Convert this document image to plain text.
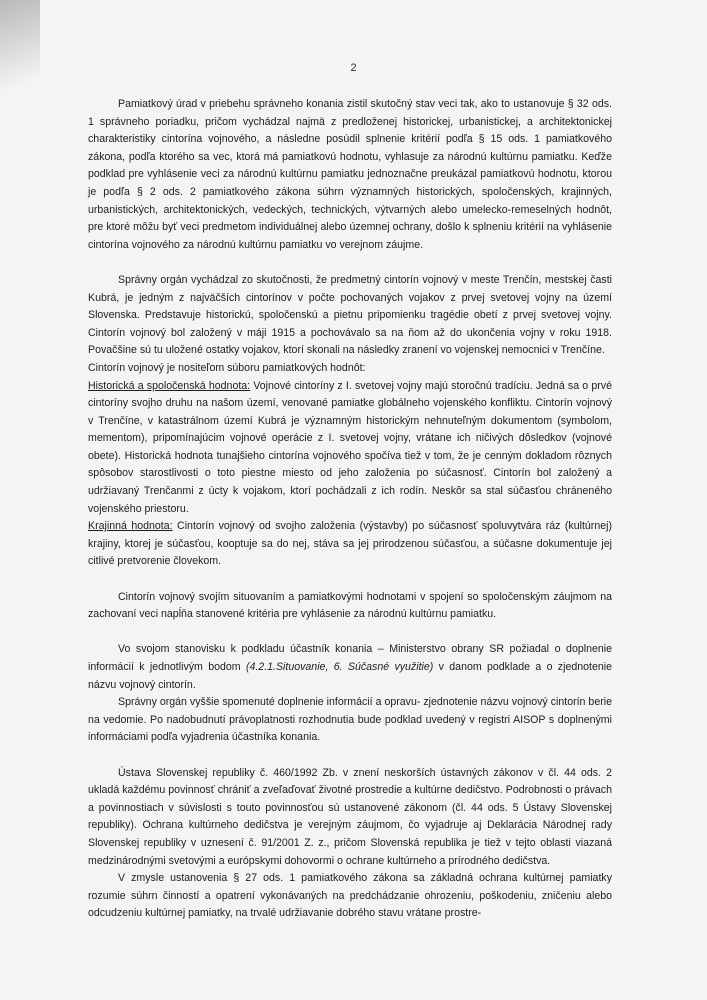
2

Pamiatkový úrad v priebehu správneho konania zistil skutočný stav veci tak, ako to ustanovuje § 32 ods. 1 správneho poriadku, pričom vychádzal najmä z predloženej historickej, urbanistickej, a architektonickej charakteristiky cintorína vojnového, a následne posúdil splnenie kritérií podľa § 15 ods. 1 pamiatkového zákona, podľa ktorého sa vec, ktorá má pamiatkovú hodnotu, vyhlasuje za národnú kultúrnu pamiatku. Keďže podklad pre vyhlásenie veci za národnú kultúrnu pamiatku jednoznačne preukázal pamiatkovú hodnotu, ktorou je podľa § 2 ods. 2 pamiatkového zákona súhrn významných historických, spoločenských, krajinných, urbanistických, architektonických, vedeckých, technických, výtvarných alebo umelecko-remeselných hodnôt, pre ktoré môžu byť veci predmetom individuálnej alebo územnej ochrany, došlo k splneniu kritérií na vyhlásenie cintorína vojnového za národnú kultúrnu pamiatku vo verejnom záujme.

Správny orgán vychádzal zo skutočnosti, že predmetný cintorín vojnový v meste Trenčín, mestskej časti Kubrá, je jedným z najväčších cintorínov v počte pochovaných vojakov z prvej svetovej vojny na území Slovenska. Predstavuje historickú, spoločenskú a pietnu pripomienku tragédie obetí z prvej svetovej vojny. Cintorín vojnový bol založený v máji 1915 a pochovávalo sa na ňom až do ukončenia vojny v roku 1918. Povačšine sú tu uložené ostatky vojakov, ktorí skonali na následky zranení vo vojenskej nemocnici v Trenčíne.

Cintorín vojnový je nositeľom súboru pamiatkových hodnôt:

Historická a spoločenská hodnota: Vojnové cintoríny z I. svetovej vojny majú storočnú tradíciu. Jedná sa o prvé cintoríny svojho druhu na našom území, venované pamiatke globálneho vojenského konfliktu. Cintorín vojnový v Trenčíne, v katastrálnom území Kubrá je významným historickým nehnuteľným dokumentom (symbolom, mementom), pripomínajúcim vojnové operácie z I. svetovej vojny, vrátane ich ničivých dôsledkov (vojnové obete). Historická hodnota tunajšieho cintorína vojnového spočíva tiež v tom, že je cenným dokladom rôznych spôsobov starostlivosti o toto piestne miesto od jeho založenia po súčasnosť. Cintorín bol založený a udržiavaný Trenčanmi z úcty k vojakom, ktorí pochádzali z ich rodín. Neskôr sa stal súčasťou chráneného vojenského priestoru.

Krajinná hodnota: Cintorín vojnový od svojho založenia (výstavby) po súčasnosť spoluvytvára ráz (kultúrnej) krajiny, ktorej je súčasťou, kooptuje sa do nej, stáva sa jej prirodzenou súčasťou, a súčasne dokumentuje jej citlivé pretvorenie človekom.

Cintorín vojnový svojím situovaním a pamiatkovými hodnotami v spojení so spoločenským záujmom na zachovaní veci napĺňa stanovené kritéria pre vyhlásenie za národnú kultúrnu pamiatku.

Vo svojom stanovisku k podkladu účastník konania – Ministerstvo obrany SR požiadal o doplnenie informácií k jednotlivým bodom (4.2.1.Situovanie, 6. Súčasné využitie) v danom podklade a o zjednotenie názvu vojnový cintorín.

Správny orgán vyššie spomenuté doplnenie informácií a opravu- zjednotenie názvu vojnový cintorín berie na vedomie. Po nadobudnutí právoplatnosti rozhodnutia bude podklad uvedený v registri AISOP s doplnenými informáciami podľa vyjadrenia účastníka konania.

Ústava Slovenskej republiky č. 460/1992 Zb. v znení neskorších ústavných zákonov v čl. 44 ods. 2 ukladá každému povinnosť chrániť a zveľaďovať životné prostredie a kultúrne dedičstvo. Podrobnosti o právach a povinnostiach v súvislosti s touto povinnosťou sú ustanovené zákonom (čl. 44 ods. 5 Ústavy Slovenskej republiky). Ochrana kultúrneho dedičstva je verejným záujmom, čo vyjadruje aj Deklarácia Národnej rady Slovenskej republiky v uznesení č. 91/2001 Z. z., pričom Slovenská republika je tiež v tejto oblasti viazaná medzinárodnými svetovými a európskymi dohovormi o ochrane kultúrneho a prírodného dedičstva.

V zmysle ustanovenia § 27 ods. 1 pamiatkového zákona sa základná ochrana kultúrnej pamiatky rozumie súhrn činností a opatrení vykonávaných na predchádzanie ohrozeniu, poškodeniu, zničeniu alebo odcudzeniu kultúrnej pamiatky, na trvalé udržiavanie dobrého stavu vrátane prostre-
